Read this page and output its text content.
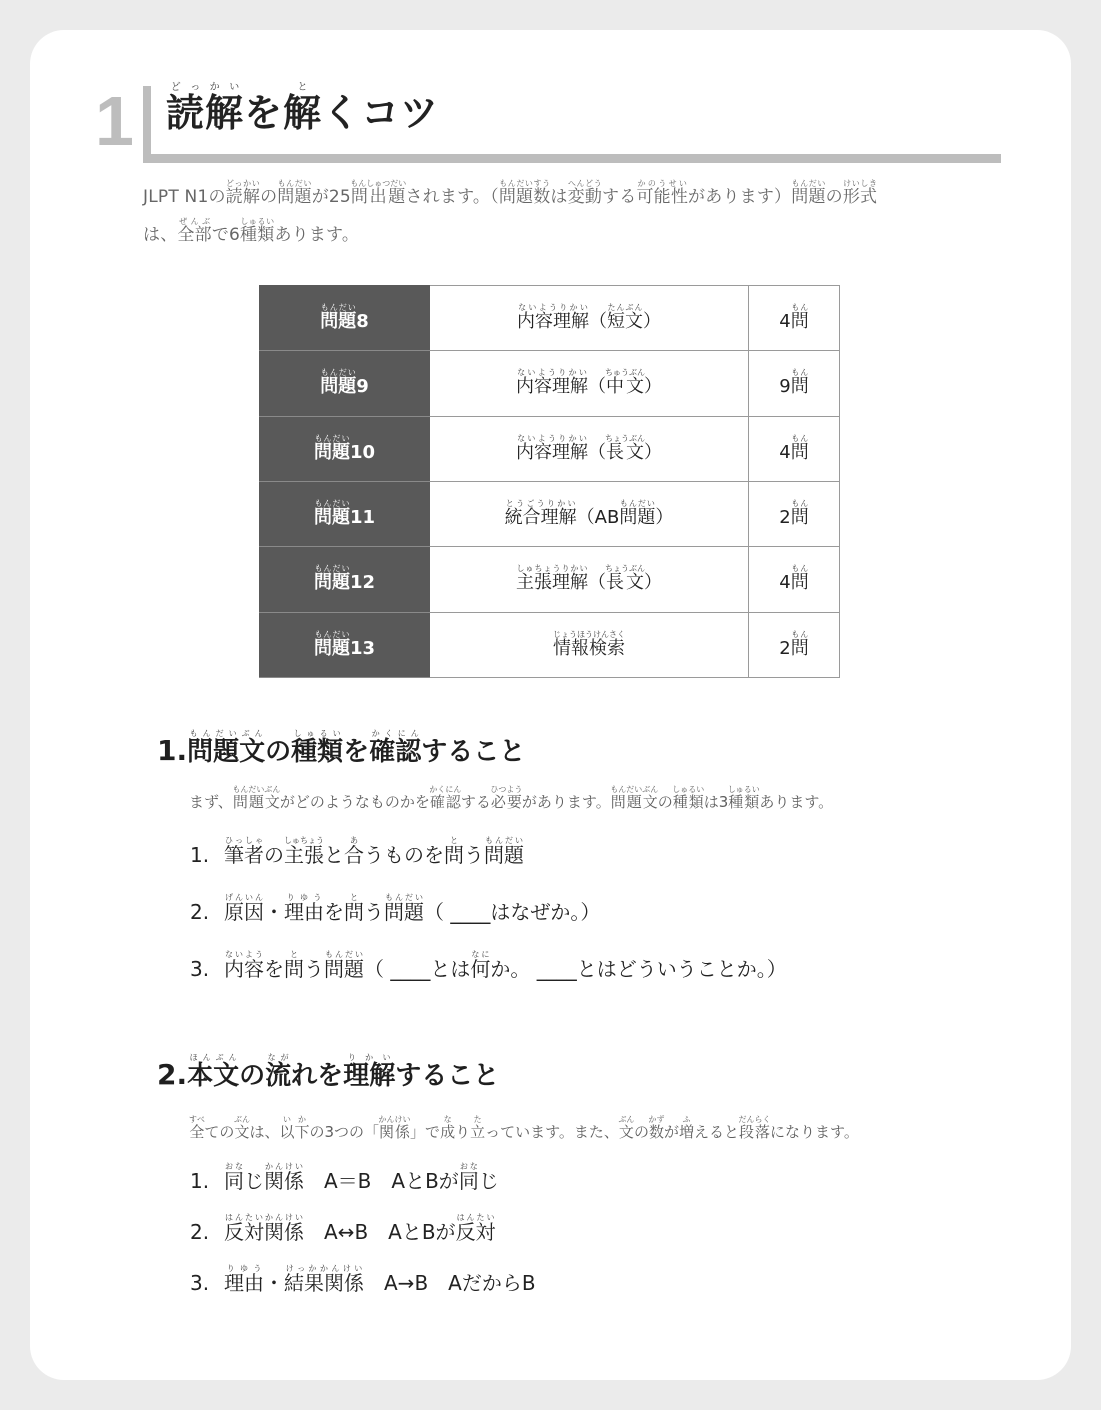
1 読どっ解かいを解とくコツ
JLPT N1の読解どっかいの問題もんだいが25問出題もんしゅつだいされます。（問題数もんだいすうは変動へんどうする可能性かのうせいがあります）問題もんだいの形式けいしき
は、全部ぜんぶで6種類しゅるいあります。
問題もんだい8	内容理解ないようりかい（短文たんぶん）	4問もん
問題もんだい9	内容理解ないようりかい（中文ちゅうぶん）	9問もん
問題もんだい10	内容理解ないようりかい（長文ちょうぶん）	4問もん
問題もんだい11	統合理解とうごうりかい（AB問題もんだい）	2問もん
問題もんだい12	主張理解しゅちょうりかい（長文ちょうぶん）	4問もん
問題もんだい13	情報検索じょうほうけんさく	2問もん
1.問題文もんだいぶんの種類しゅるいを確認かくにんすること
まず、問題文もんだいぶんがどのようなものかを確認かくにんする必要ひつようがあります。問題文もんだいぶんの種類しゅるいは3種類しゅるいあります。
1. 筆者ひっしゃの主張しゅちょうと合あうものを問とう問題もんだい
2. 原因げんいん・理由りゆうを問とう問題もんだい（ ____はなぜか。）
3. 内容ないようを問とう問題もんだい（ ____とは何なにか。 ____とはどういうことか。）
2.本文ほんぶんの流ながれを理解りかいすること
全すべての文ぶんは、以下いかの3つの「関係かんけい」で成なり立たっています。また、文ぶんの数かずが増ふえると段落だんらくになります。
1. 同おなじ関係かんけい　A＝B　AとBが同おなじ
2. 反対関係はんたいかんけい　A↔B　AとBが反対はんたい
3. 理由りゆう・結果関係けっかかんけい　A→B　AだからB
